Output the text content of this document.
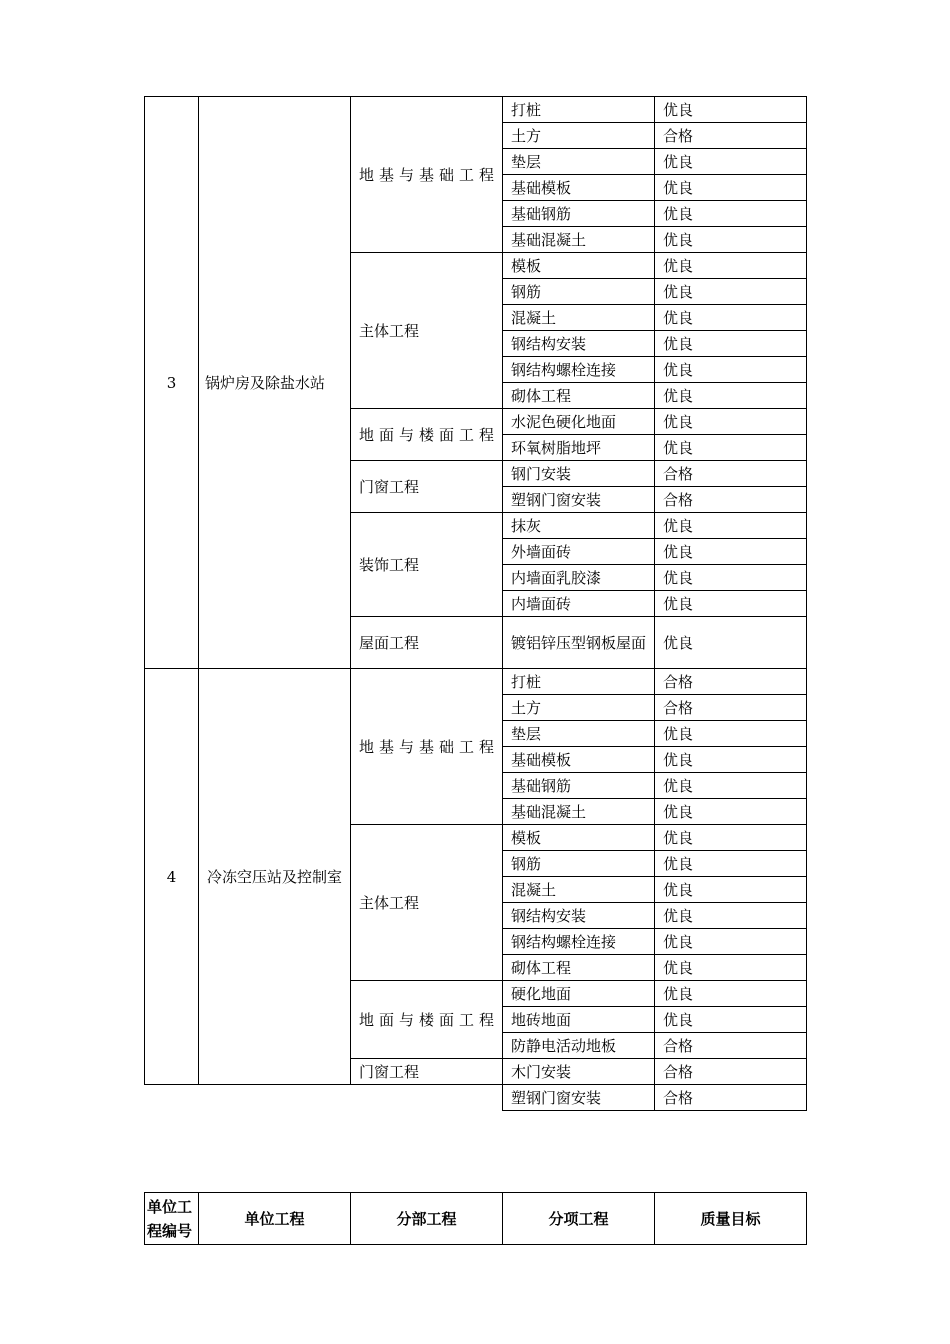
3	锅炉房及除盐水站	地基与基础工程	打桩	优良
			土方	合格
			垫层	优良
			基础模板	优良
			基础钢筋	优良
			基础混凝土	优良
		主体工程	模板	优良
			钢筋	优良
			混凝土	优良
			钢结构安装	优良
			钢结构螺栓连接	优良
			砌体工程	优良

		地面与楼面工程	水泥色硬化地面	优良
			环氧树脂地坪	优良
		门窗工程	钢门安装	合格
			塑钢门窗安装	合格
		装饰工程	抹灰	优良
			外墙面砖	优良
			内墙面乳胶漆	优良
			内墙面砖	优良
		屋面工程	镀铝锌压型钢板屋面	优良
4	冷冻空压站及控制室	地基与基础工程	打桩	合格
			土方	合格
			垫层	优良
			基础模板	优良
			基础钢筋	优良
			基础混凝土	优良
		主体工程	模板	优良
			钢筋	优良
			混凝土	优良
			钢结构安装	优良
			钢结构螺栓连接	优良
			砌体工程	优良

		地面与楼面工程	硬化地面	优良
			地砖地面	优良
			防静电活动地板	合格
		门窗工程	木门安装	合格
			塑钢门窗安装	合格
单位工程编号	单位工程	分部工程	分项工程	质量目标
